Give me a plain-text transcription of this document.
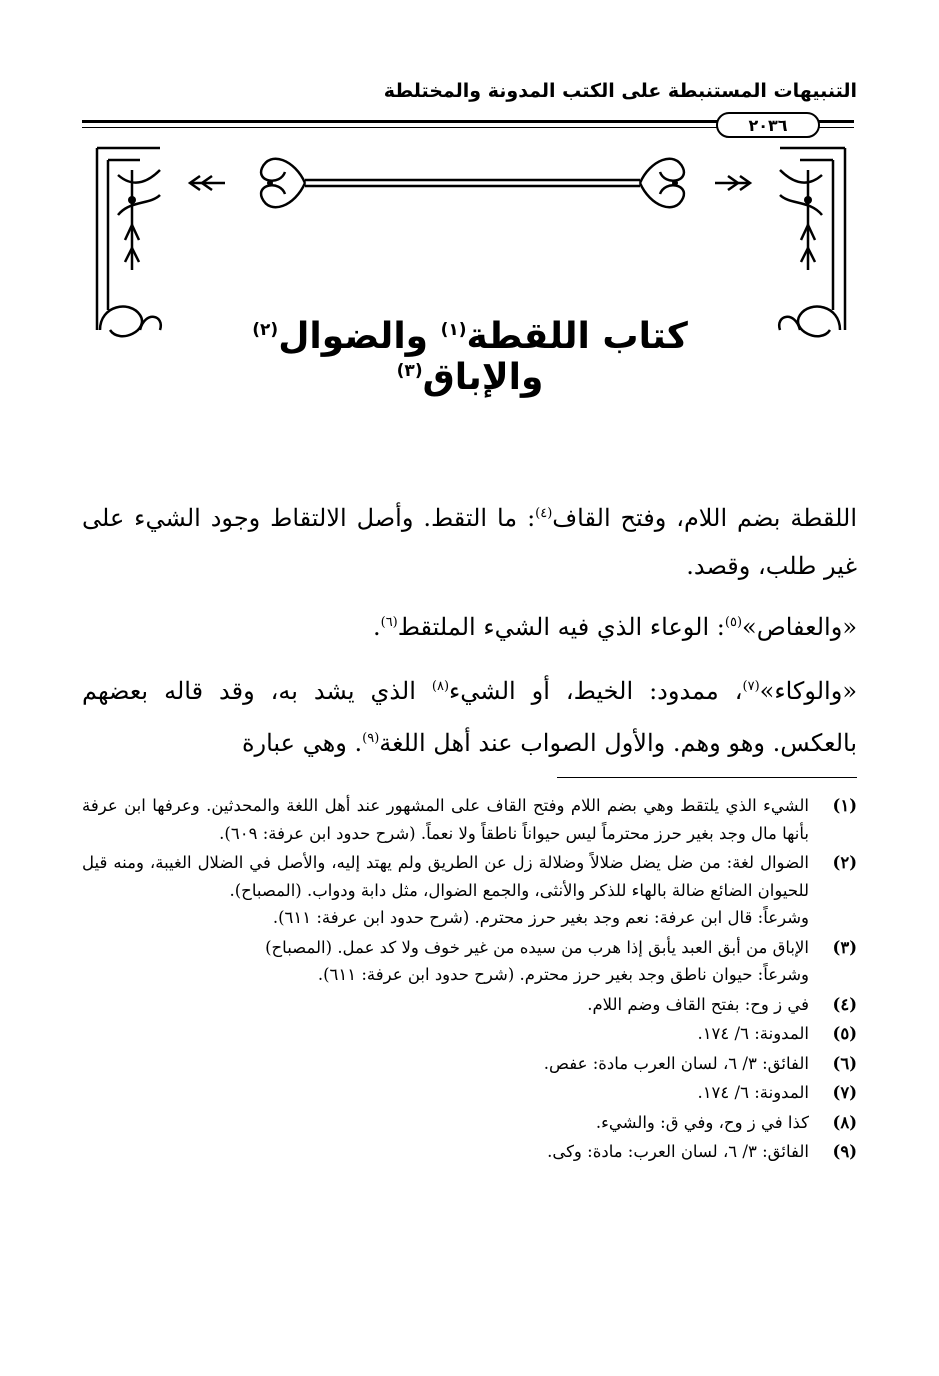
التنبيهات المستنبطة على الكتب المدونة والمختلطة
٢٠٣٦
كتاب اللقطة$^{(١)}$ والضوال$^{(٢)}$ والإباق$^{(٣)}$
اللقطة بضم اللام، وفتح القاف$^{(٤)}$: ما التقط. وأصل الالتقاط وجود الشيء على غير طلب، وقصد.
«والعفاص»$^{(٥)}$: الوعاء الذي فيه الشيء الملتقط$^{(٦)}$.
«والوكاء»$^{(٧)}$، ممدود: الخيط، أو الشيء$^{(٨)}$ الذي يشد به، وقد قاله بعضهم بالعكس. وهو وهم. والأول الصواب عند أهل اللغة$^{(٩)}$. وهي عبارة
(١)
الشيء الذي يلتقط وهي بضم اللام وفتح القاف على المشهور عند أهل اللغة والمحدثين. وعرفها ابن عرفة بأنها مال وجد بغير حرز محترماً ليس حيواناً ناطقاً ولا نعماً. (شرح حدود ابن عرفة: ٦٠٩).
(٢)
الضوال لغة: من ضل يضل ضلالاً وضلالة زل عن الطريق ولم يهتد إليه، والأصل في الضلال الغيبة، ومنه قيل للحيوان الضائع ضالة بالهاء للذكر والأنثى، والجمع الضوال، مثل دابة ودواب. (المصباح).
وشرعاً: قال ابن عرفة: نعم وجد بغير حرز محترم. (شرح حدود ابن عرفة: ٦١١).
(٣)
الإباق من أبق العبد يأبق إذا هرب من سيده من غير خوف ولا كد عمل. (المصباح)
وشرعاً: حيوان ناطق وجد بغير حرز محترم. (شرح حدود ابن عرفة: ٦١١).
(٤)
في ز وح: بفتح القاف وضم اللام.
(٥)
المدونة: ٦/ ١٧٤.
(٦)
الفائق: ٣/ ٦، لسان العرب مادة: عفص.
(٧)
المدونة: ٦/ ١٧٤.
(٨)
كذا في ز وح، وفي ق: والشيء.
(٩)
الفائق: ٣/ ٦، لسان العرب: مادة: وكى.
